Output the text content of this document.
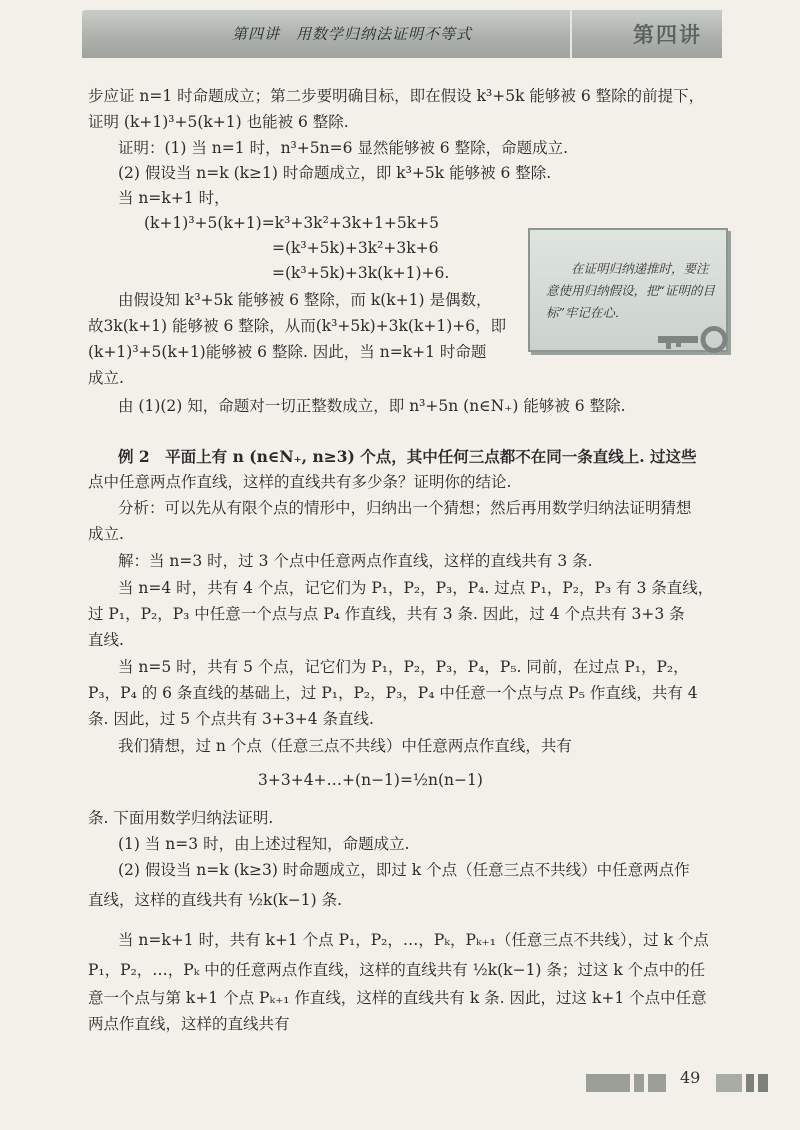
第四讲　用数学归纳法证明不等式	第四讲
在证明归纳递推时，要注意使用归纳假设，把“证明的目标”牢记在心．
步应证 n=1 时命题成立；第二步要明确目标，即在假设 k³+5k 能够被 6 整除的前提下，
证明 (k+1)³+5(k+1) 也能被 6 整除.
证明：(1) 当 n=1 时，n³+5n=6 显然能够被 6 整除，命题成立.
(2) 假设当 n=k (k≥1) 时命题成立，即 k³+5k 能够被 6 整除.
当 n=k+1 时，
(k+1)³+5(k+1)=k³+3k²+3k+1+5k+5
=(k³+5k)+3k²+3k+6
=(k³+5k)+3k(k+1)+6.
由假设知 k³+5k 能够被 6 整除，而 k(k+1) 是偶数，
故3k(k+1) 能够被 6 整除，从而(k³+5k)+3k(k+1)+6，即
(k+1)³+5(k+1)能够被 6 整除. 因此，当 n=k+1 时命题
成立.
由 (1)(2) 知，命题对一切正整数成立，即 n³+5n (n∈N₊) 能够被 6 整除.
例 2　平面上有 n (n∈N₊, n≥3) 个点，其中任何三点都不在同一条直线上. 过这些
点中任意两点作直线，这样的直线共有多少条？证明你的结论.
分析：可以先从有限个点的情形中，归纳出一个猜想；然后再用数学归纳法证明猜想
成立.
解：当 n=3 时，过 3 个点中任意两点作直线，这样的直线共有 3 条.
当 n=4 时，共有 4 个点，记它们为 P₁，P₂，P₃，P₄. 过点 P₁，P₂，P₃ 有 3 条直线，
过 P₁，P₂，P₃ 中任意一个点与点 P₄ 作直线，共有 3 条. 因此，过 4 个点共有 3+3 条
直线.
当 n=5 时，共有 5 个点，记它们为 P₁，P₂，P₃，P₄，P₅. 同前，在过点 P₁，P₂，
P₃，P₄ 的 6 条直线的基础上，过 P₁，P₂，P₃，P₄ 中任意一个点与点 P₅ 作直线，共有 4
条. 因此，过 5 个点共有 3+3+4 条直线.
我们猜想，过 n 个点（任意三点不共线）中任意两点作直线，共有
3+3+4+…+(n−1)=½n(n−1)
条. 下面用数学归纳法证明.
(1) 当 n=3 时，由上述过程知，命题成立.
(2) 假设当 n=k (k≥3) 时命题成立，即过 k 个点（任意三点不共线）中任意两点作
直线，这样的直线共有 ½k(k−1) 条.
当 n=k+1 时，共有 k+1 个点 P₁，P₂，…，Pₖ，Pₖ₊₁（任意三点不共线），过 k 个点
P₁，P₂，…，Pₖ 中的任意两点作直线，这样的直线共有 ½k(k−1) 条；过这 k 个点中的任
意一个点与第 k+1 个点 Pₖ₊₁ 作直线，这样的直线共有 k 条. 因此，过这 k+1 个点中任意
两点作直线，这样的直线共有
49
